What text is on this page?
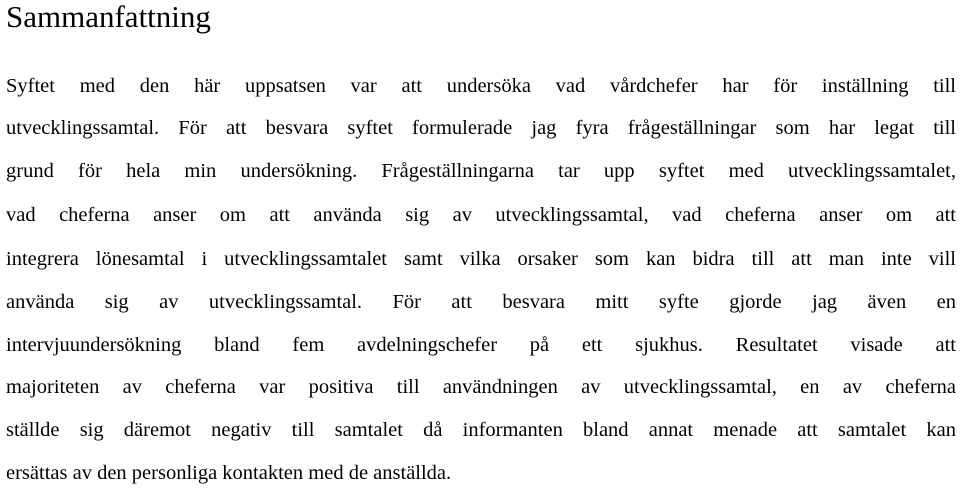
Sammanfattning

Syftet med den här uppsatsen var att undersöka vad vårdchefer har för inställning till

utvecklingssamtal. För att besvara syftet formulerade jag fyra frågeställningar som har legat till

grund för hela min undersökning. Frågeställningarna tar upp syftet med utvecklingssamtalet,

vad cheferna anser om att använda sig av utvecklingssamtal, vad cheferna anser om att

integrera lönesamtal i utvecklingssamtalet samt vilka orsaker som kan bidra till att man inte vill

använda sig av utvecklingssamtal. För att besvara mitt syfte gjorde jag även en

intervjuundersökning bland fem avdelningschefer på ett sjukhus. Resultatet visade att

majoriteten av cheferna var positiva till användningen av utvecklingssamtal, en av cheferna

ställde sig däremot negativ till samtalet då informanten bland annat menade att samtalet kan

ersättas av den personliga kontakten med de anställda.
